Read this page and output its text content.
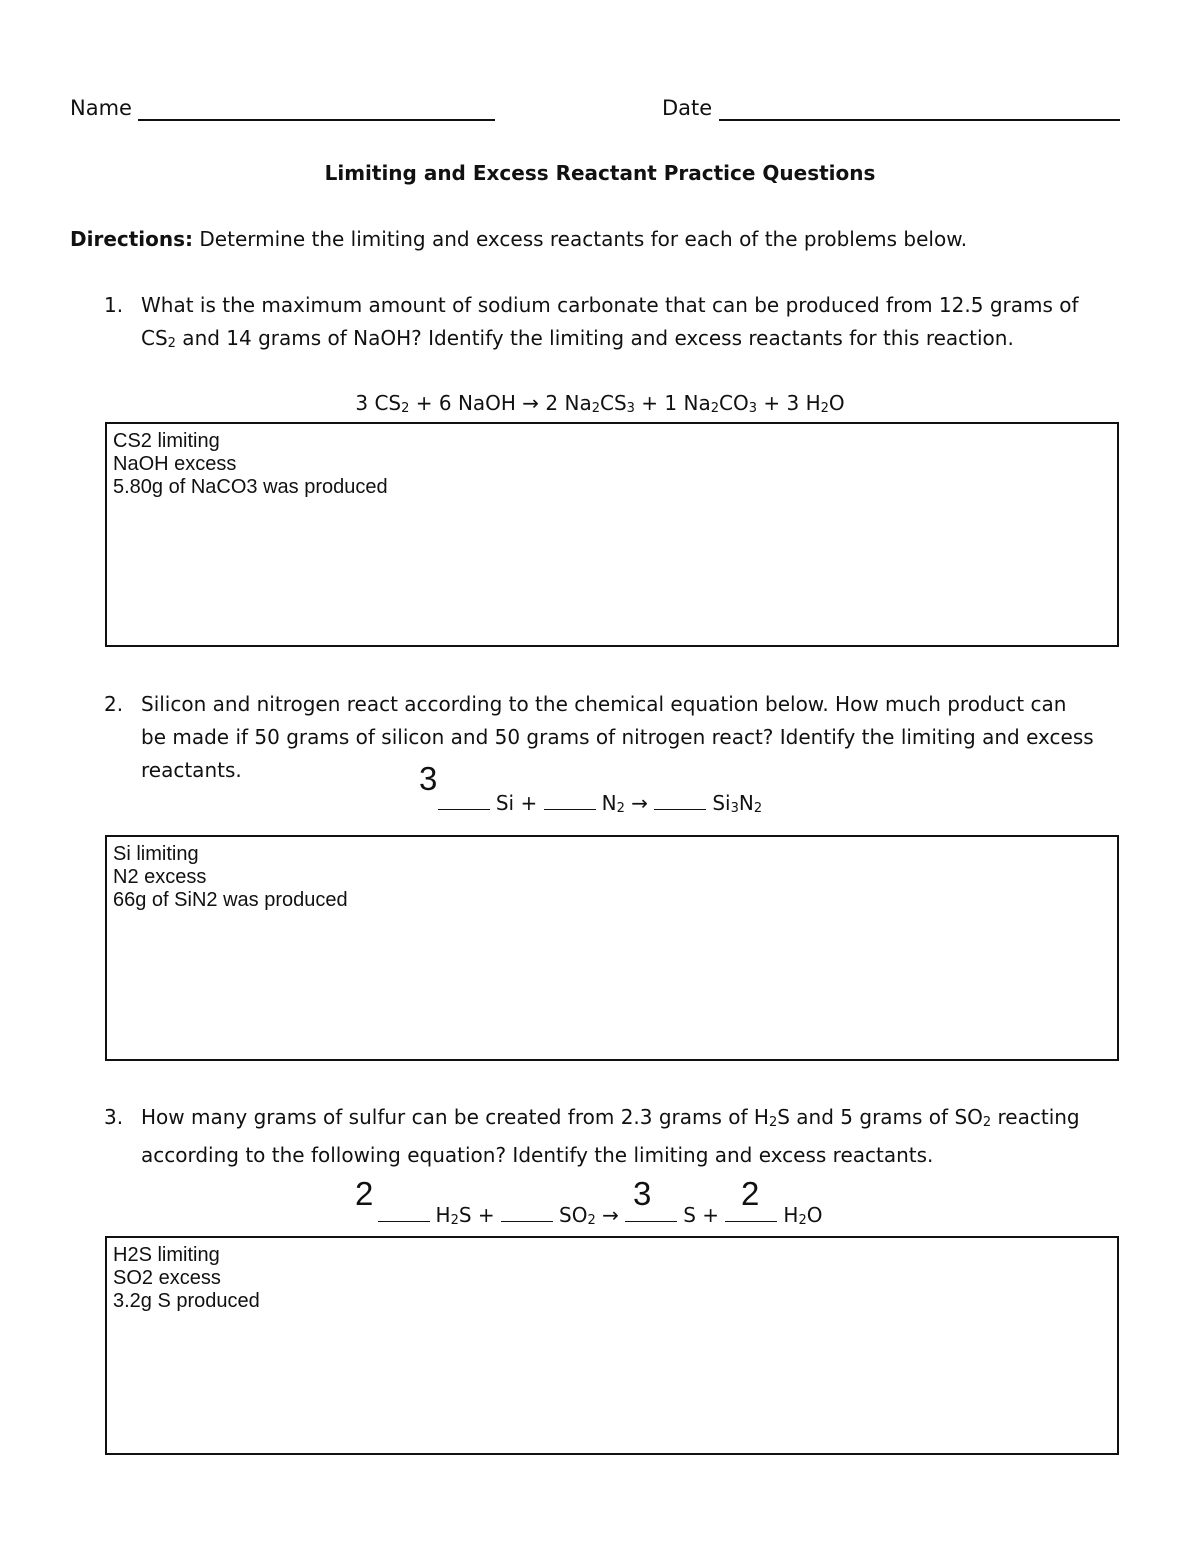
Name	Date
Limiting and Excess Reactant Practice Questions
Directions: Determine the limiting and excess reactants for each of the problems below.
1. What is the maximum amount of sodium carbonate that can be produced from 12.5 grams of
$CS_2$ and 14 grams of NaOH? Identify the limiting and excess reactants for this reaction.
3 $CS_2 + 6$ NaOH → 2 $Na_2CS_3 + 1$ $Na_2CO_3 + 3$ $H_2O$
CS2 limiting
NaOH excess
5.80g of NaCO3 was produced
2. Silicon and nitrogen react according to the chemical equation below. How much product can
be made if 50 grams of silicon and 50 grams of nitrogen react? Identify the limiting and excess
reactants.	3
Si +	$N_2$ →	$Si_3N_2$
Si limiting
N2 excess
66g of SiN2 was produced
3. How many grams of sulfur can be created from 2.3 grams of $H_2S$ and 5 grams of $SO_2$ reacting
according to the following equation? Identify the limiting and excess reactants.
2	3	2
$H_2S$ +	$SO_2$ →	S +	$H_2O$
H2S limiting
SO2 excess
3.2g S produced
